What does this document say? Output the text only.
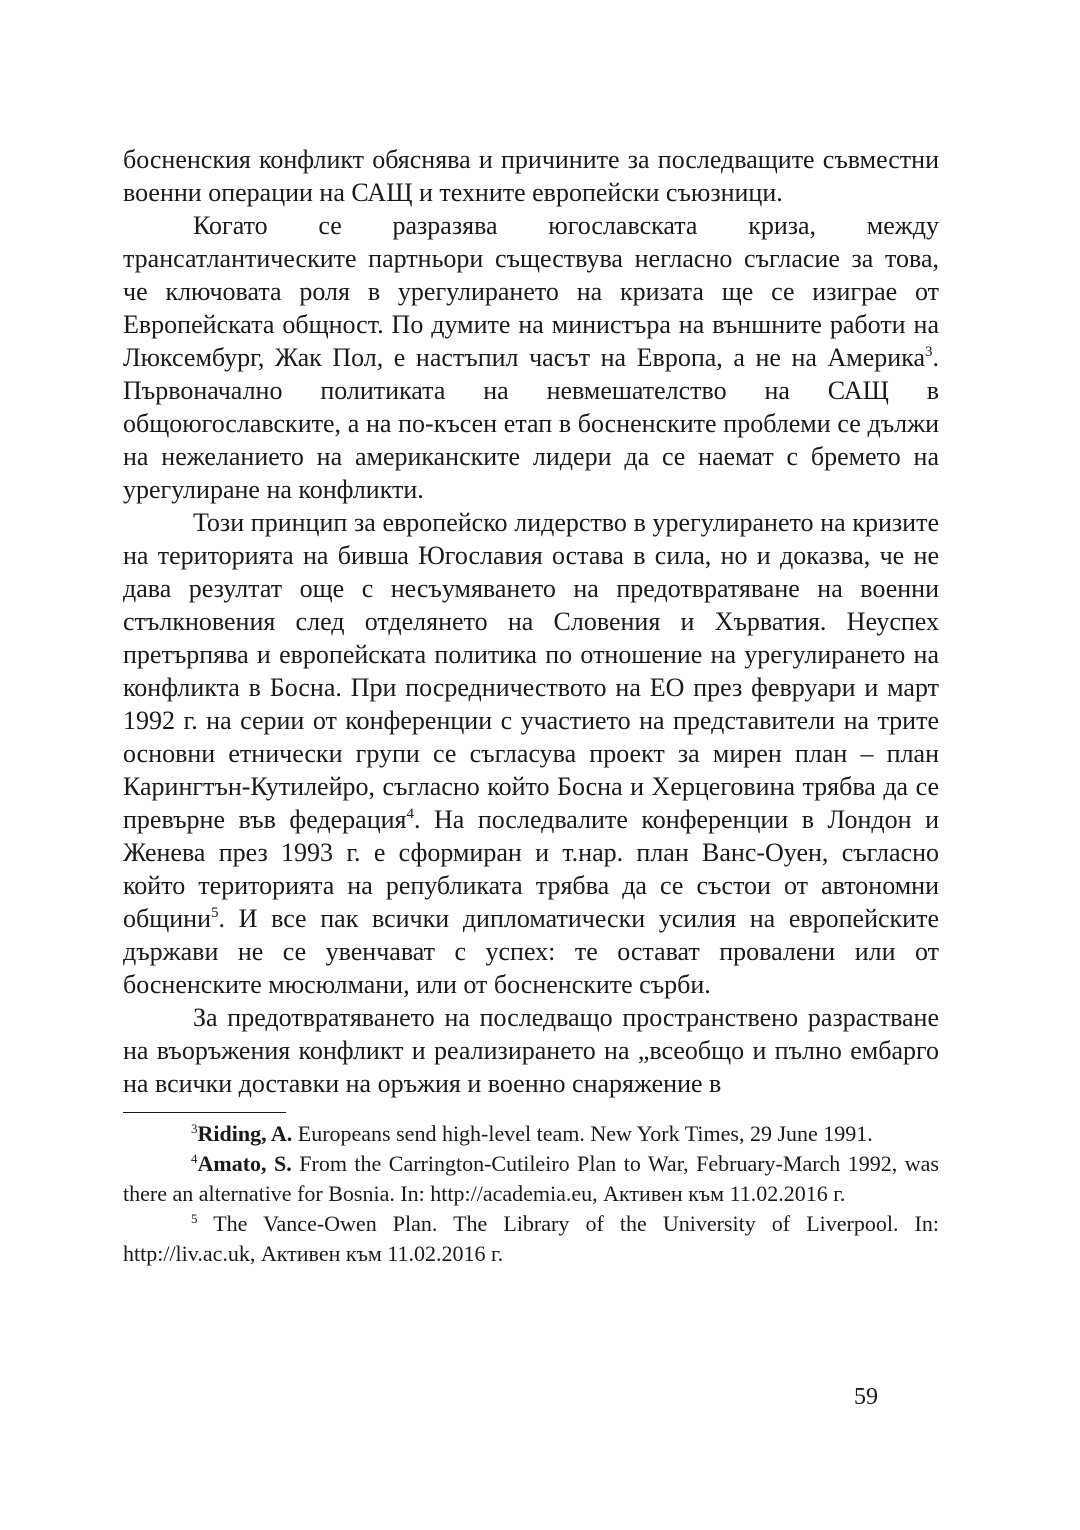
босненския конфликт обяснява и причините за последващите съвместни военни операции на САЩ и техните европейски съюзници.

Когато се разразява югославската криза, между трансатлантическите партньори съществува негласно съгласие за това, че ключовата роля в урегулирането на кризата ще се изиграе от Европейската общност. По думите на министъра на външните работи на Люксембург, Жак Пол, е настъпил часът на Европа, а не на Америка$^3$. Първоначално политиката на невмешателство на САЩ в общоюгославските, а на по-късен етап в босненските проблеми се дължи на нежеланието на американските лидери да се наемат с бремето на урегулиране на конфликти.

Този принцип за европейско лидерство в урегулирането на кризите на територията на бивша Югославия остава в сила, но и доказва, че не дава резултат още с несъумяването на предотвратяване на военни стълкновения след отделянето на Словения и Хърватия. Неуспех претърпява и европейската политика по отношение на урегулирането на конфликта в Босна. При посредничеството на ЕО през февруари и март 1992 г. на серии от конференции с участието на представители на трите основни етнически групи се съгласува проект за мирен план – план Карингтън-Кутилейро, съгласно който Босна и Херцеговина трябва да се превърне във федерация$^4$. На последвалите конференции в Лондон и Женева през 1993 г. е сформиран и т.нар. план Ванс-Оуен, съгласно който територията на републиката трябва да се състои от автономни общини$^5$. И все пак всички дипломатически усилия на европейските държави не се увенчават с успех: те остават провалени или от босненските мюсюлмани, или от босненските сърби.

За предотвратяването на последващо пространствено разрастване на въоръжения конфликт и реализирането на „всеобщо и пълно ембарго на всички доставки на оръжия и военно снаряжение в

$^3$Riding, A. Europeans send high-level team. New York Times, 29 June 1991.

$^4$Amato, S. From the Carrington-Cutileiro Plan to War, February-March 1992, was there an alternative for Bosnia. In: http://academia.eu, Активен към 11.02.2016 г.

$^5$ The Vance-Owen Plan. The Library of the University of Liverpool. In: http://liv.ac.uk, Активен към 11.02.2016 г.

59
